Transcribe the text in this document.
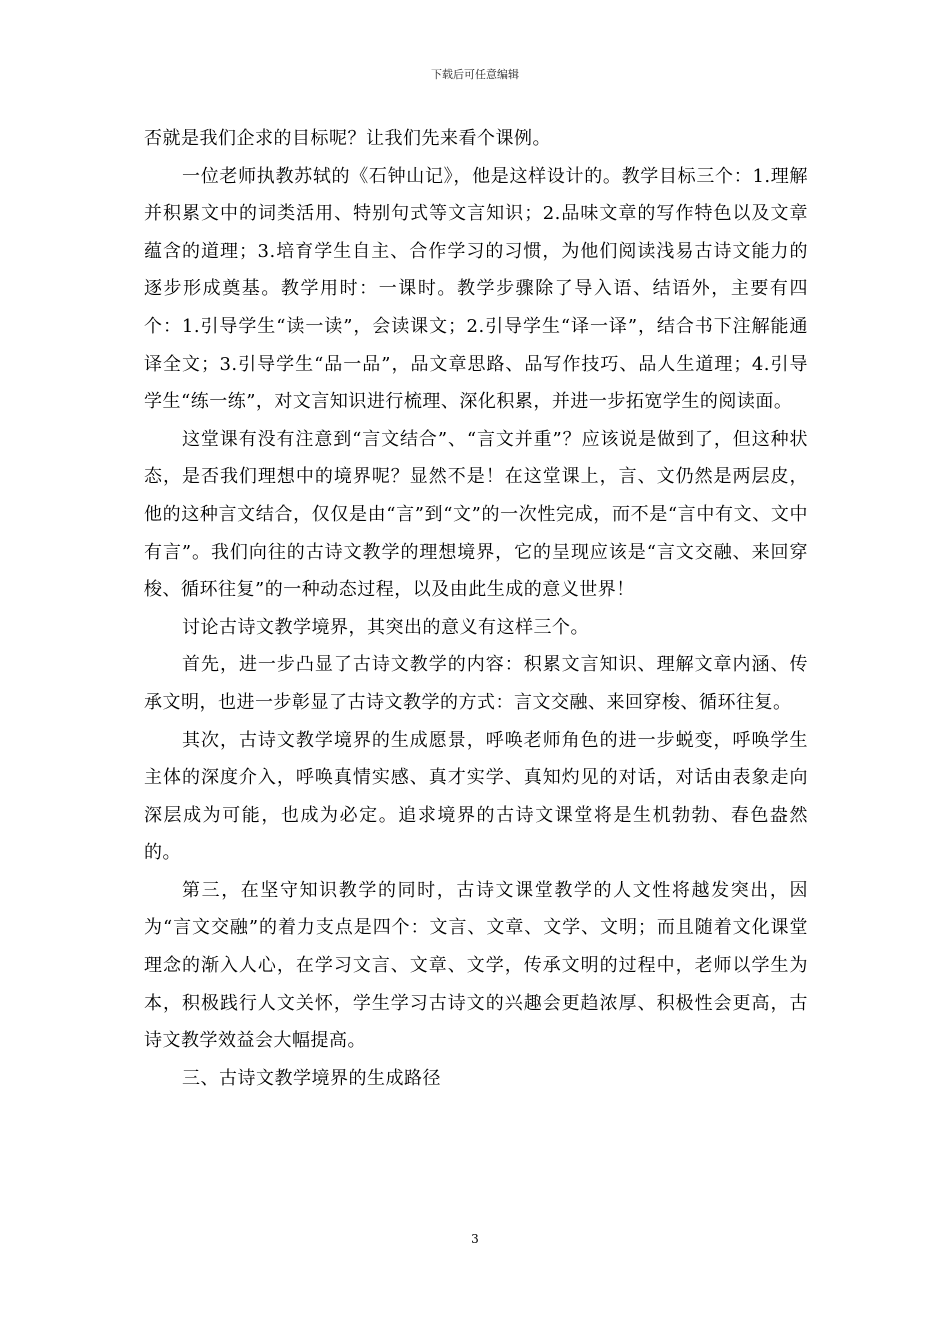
下载后可任意编辑

否就是我们企求的目标呢？让我们先来看个课例。

一位老师执教苏轼的《石钟山记》，他是这样设计的。教学目标三个：1.理解并积累文中的词类活用、特别句式等文言知识；2.品味文章的写作特色以及文章蕴含的道理；3.培育学生自主、合作学习的习惯，为他们阅读浅易古诗文能力的逐步形成奠基。教学用时：一课时。教学步骤除了导入语、结语外，主要有四个：1.引导学生“读一读”，会读课文；2.引导学生“译一译”，结合书下注解能通译全文；3.引导学生“品一品”，品文章思路、品写作技巧、品人生道理；4.引导学生“练一练”，对文言知识进行梳理、深化积累，并进一步拓宽学生的阅读面。

这堂课有没有注意到“言文结合”、“言文并重”？应该说是做到了，但这种状态，是否我们理想中的境界呢？显然不是！在这堂课上，言、文仍然是两层皮，他的这种言文结合，仅仅是由“言”到“文”的一次性完成，而不是“言中有文、文中有言”。我们向往的古诗文教学的理想境界，它的呈现应该是“言文交融、来回穿梭、循环往复”的一种动态过程，以及由此生成的意义世界！

讨论古诗文教学境界，其突出的意义有这样三个。

首先，进一步凸显了古诗文教学的内容：积累文言知识、理解文章内涵、传承文明，也进一步彰显了古诗文教学的方式：言文交融、来回穿梭、循环往复。

其次，古诗文教学境界的生成愿景，呼唤老师角色的进一步蜕变，呼唤学生主体的深度介入，呼唤真情实感、真才实学、真知灼见的对话，对话由表象走向深层成为可能，也成为必定。追求境界的古诗文课堂将是生机勃勃、春色盎然的。

第三，在坚守知识教学的同时，古诗文课堂教学的人文性将越发突出，因为“言文交融”的着力支点是四个：文言、文章、文学、文明；而且随着文化课堂理念的渐入人心，在学习文言、文章、文学，传承文明的过程中，老师以学生为本，积极践行人文关怀，学生学习古诗文的兴趣会更趋浓厚、积极性会更高，古诗文教学效益会大幅提高。

三、古诗文教学境界的生成路径

3
